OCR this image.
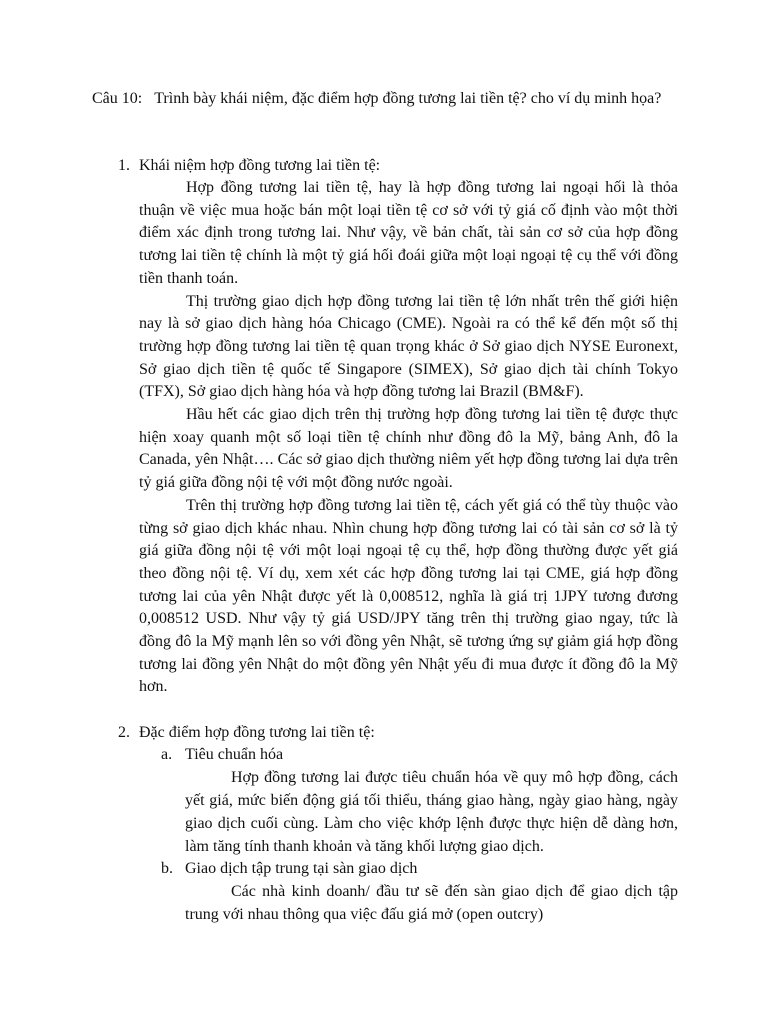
Câu 10: Trình bày khái niệm, đặc điểm hợp đồng tương lai tiền tệ? cho ví dụ minh họa?
1. Khái niệm hợp đồng tương lai tiền tệ:

Hợp đồng tương lai tiền tệ, hay là hợp đồng tương lai ngoại hối là thỏa thuận về việc mua hoặc bán một loại tiền tệ cơ sở với tỷ giá cố định vào một thời điểm xác định trong tương lai. Như vậy, về bản chất, tài sản cơ sở của hợp đồng tương lai tiền tệ chính là một tỷ giá hối đoái giữa một loại ngoại tệ cụ thể với đồng tiền thanh toán.

Thị trường giao dịch hợp đồng tương lai tiền tệ lớn nhất trên thế giới hiện nay là sở giao dịch hàng hóa Chicago (CME). Ngoài ra có thể kể đến một số thị trường hợp đồng tương lai tiền tệ quan trọng khác ở Sở giao dịch NYSE Euronext, Sở giao dịch tiền tệ quốc tế Singapore (SIMEX), Sở giao dịch tài chính Tokyo (TFX), Sở giao dịch hàng hóa và hợp đồng tương lai Brazil (BM&F).

Hầu hết các giao dịch trên thị trường hợp đồng tương lai tiền tệ được thực hiện xoay quanh một số loại tiền tệ chính như đồng đô la Mỹ, bảng Anh, đô la Canada, yên Nhật…. Các sở giao dịch thường niêm yết hợp đồng tương lai dựa trên tỷ giá giữa đồng nội tệ với một đồng nước ngoài.

Trên thị trường hợp đồng tương lai tiền tệ, cách yết giá có thể tùy thuộc vào từng sở giao dịch khác nhau. Nhìn chung hợp đồng tương lai có tài sản cơ sở là tỷ giá giữa đồng nội tệ với một loại ngoại tệ cụ thể, hợp đồng thường được yết giá theo đồng nội tệ. Ví dụ, xem xét các hợp đồng tương lai tại CME, giá hợp đồng tương lai của yên Nhật được yết là 0,008512, nghĩa là giá trị 1JPY tương đương 0,008512 USD. Như vậy tỷ giá USD/JPY tăng trên thị trường giao ngay, tức là đồng đô la Mỹ mạnh lên so với đồng yên Nhật, sẽ tương ứng sự giảm giá hợp đồng tương lai đồng yên Nhật do một đồng yên Nhật yếu đi mua được ít đồng đô la Mỹ hơn.

2. Đặc điểm hợp đồng tương lai tiền tệ:
a. Tiêu chuẩn hóa

Hợp đồng tương lai được tiêu chuẩn hóa về quy mô hợp đồng, cách yết giá, mức biến động giá tối thiểu, tháng giao hàng, ngày giao hàng, ngày giao dịch cuối cùng. Làm cho việc khớp lệnh được thực hiện dễ dàng hơn, làm tăng tính thanh khoản và tăng khối lượng giao dịch.

b. Giao dịch tập trung tại sàn giao dịch

Các nhà kinh doanh/ đầu tư sẽ đến sàn giao dịch để giao dịch tập trung với nhau thông qua việc đấu giá mở (open outcry)
